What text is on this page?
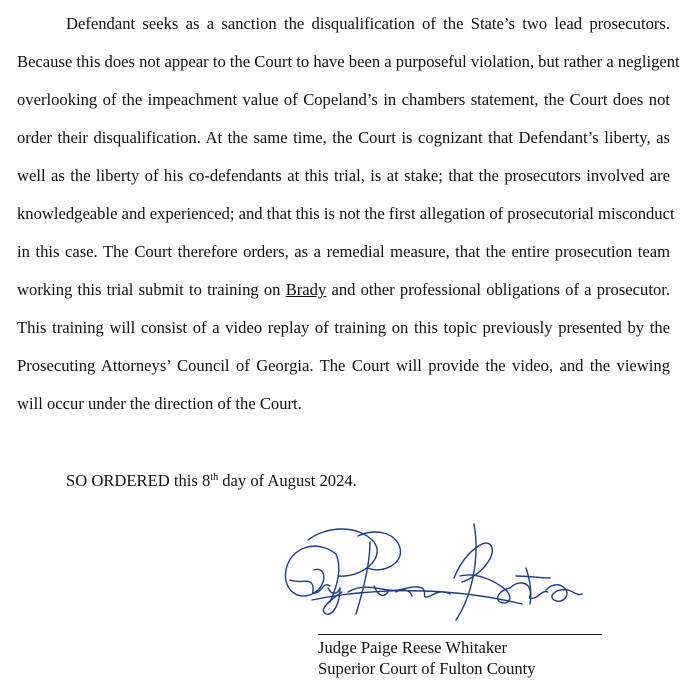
Defendant seeks as a sanction the disqualification of the State’s two lead prosecutors.
Because this does not appear to the Court to have been a purposeful violation, but rather a negligent
overlooking of the impeachment value of Copeland’s in chambers statement, the Court does not
order their disqualification. At the same time, the Court is cognizant that Defendant’s liberty, as
well as the liberty of his co-defendants at this trial, is at stake; that the prosecutors involved are
knowledgeable and experienced; and that this is not the first allegation of prosecutorial misconduct
in this case. The Court therefore orders, as a remedial measure, that the entire prosecution team
working this trial submit to training on Brady and other professional obligations of a prosecutor.
This training will consist of a video replay of training on this topic previously presented by the
Prosecuting Attorneys’ Council of Georgia. The Court will provide the video, and the viewing
will occur under the direction of the Court.
SO ORDERED this 8th day of August 2024.
Judge Paige Reese Whitaker
Superior Court of Fulton County
